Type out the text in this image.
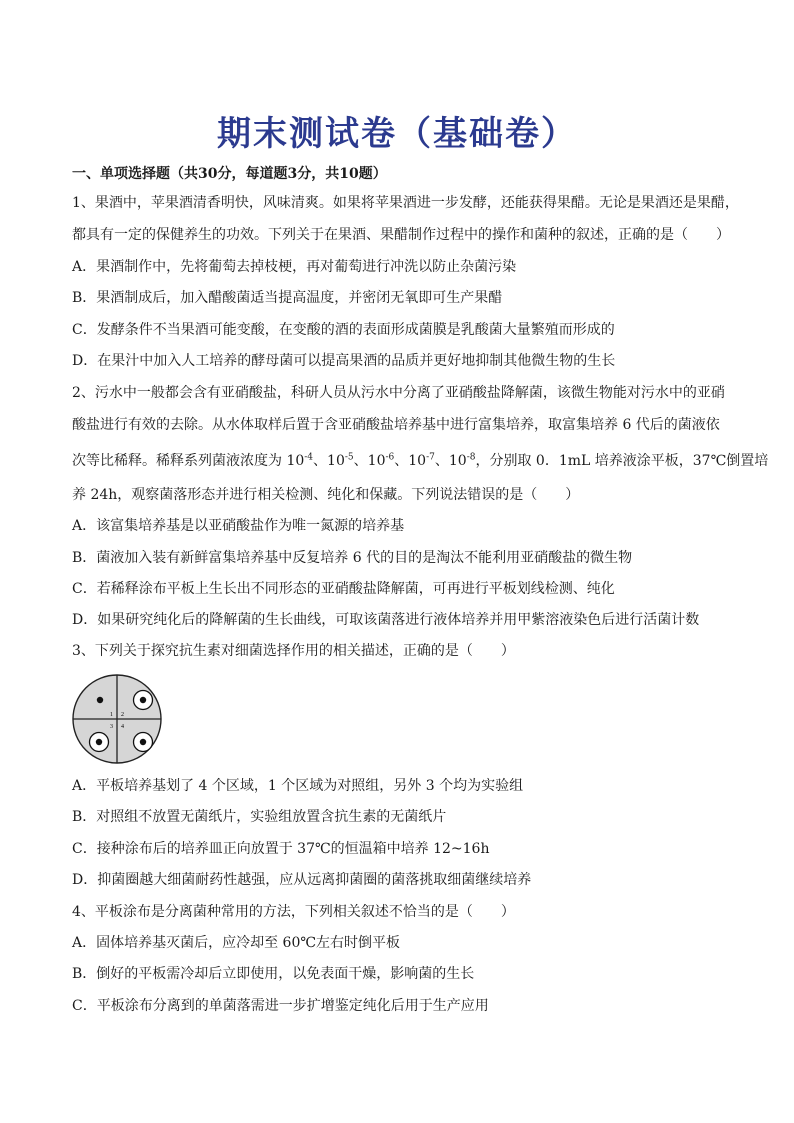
期末测试卷（基础卷）
一、单项选择题（共30分，每道题3分，共10题）
1、果酒中，苹果酒清香明快，风味清爽。如果将苹果酒进一步发酵，还能获得果醋。无论是果酒还是果醋，
都具有一定的保健养生的功效。下列关于在果酒、果醋制作过程中的操作和菌种的叙述，正确的是（　　）
A．果酒制作中，先将葡萄去掉枝梗，再对葡萄进行冲洗以防止杂菌污染
B．果酒制成后，加入醋酸菌适当提高温度，并密闭无氧即可生产果醋
C．发酵条件不当果酒可能变酸，在变酸的酒的表面形成菌膜是乳酸菌大量繁殖而形成的
D．在果汁中加入人工培养的酵母菌可以提高果酒的品质并更好地抑制其他微生物的生长
2、污水中一般都会含有亚硝酸盐，科研人员从污水中分离了亚硝酸盐降解菌，该微生物能对污水中的亚硝
酸盐进行有效的去除。从水体取样后置于含亚硝酸盐培养基中进行富集培养，取富集培养 6 代后的菌液依
次等比稀释。稀释系列菌液浓度为 $10^{-4}$、$10^{-5}$、$10^{-6}$、$10^{-7}$、$10^{-8}$，分别取 0．1mL 培养液涂平板，37℃倒置培
养 24h，观察菌落形态并进行相关检测、纯化和保藏。下列说法错误的是（　　）
A．该富集培养基是以亚硝酸盐作为唯一氮源的培养基
B．菌液加入装有新鲜富集培养基中反复培养 6 代的目的是淘汰不能利用亚硝酸盐的微生物
C．若稀释涂布平板上生长出不同形态的亚硝酸盐降解菌，可再进行平板划线检测、纯化
D．如果研究纯化后的降解菌的生长曲线，可取该菌落进行液体培养并用甲紫溶液染色后进行活菌计数
3、下列关于探究抗生素对细菌选择作用的相关描述，正确的是（　　）
1 2
3 4
A．平板培养基划了 4 个区域，1 个区域为对照组，另外 3 个均为实验组
B．对照组不放置无菌纸片，实验组放置含抗生素的无菌纸片
C．接种涂布后的培养皿正向放置于 37℃的恒温箱中培养 12~16h
D．抑菌圈越大细菌耐药性越强，应从远离抑菌圈的菌落挑取细菌继续培养
4、平板涂布是分离菌种常用的方法，下列相关叙述不恰当的是（　　）
A．固体培养基灭菌后，应冷却至 60℃左右时倒平板
B．倒好的平板需冷却后立即使用，以免表面干燥，影响菌的生长
C．平板涂布分离到的单菌落需进一步扩增鉴定纯化后用于生产应用
